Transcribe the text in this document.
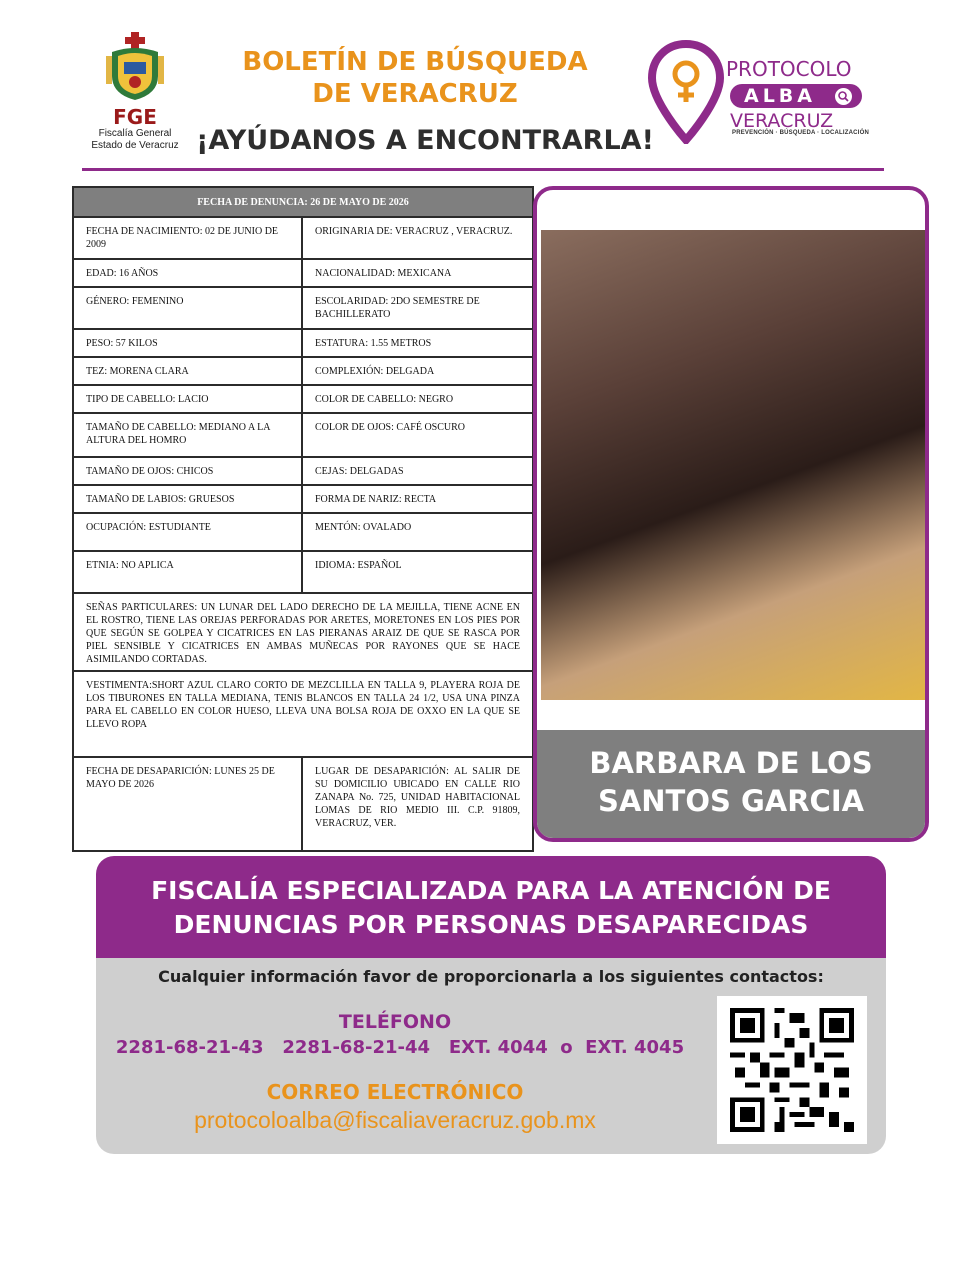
FGE
Fiscalía General
Estado de Veracruz
BOLETÍN DE BÚSQUEDA
DE VERACRUZ
¡AYÚDANOS A ENCONTRARLA!
PROTOCOLO
ALBA
VERACRUZ
PREVENCIÓN · BÚSQUEDA · LOCALIZACIÓN
FECHA DE DENUNCIA: 26 DE MAYO DE 2026	
FECHA DE NACIMIENTO: 02 DE JUNIO DE 2009	ORIGINARIA DE: VERACRUZ , VERACRUZ.
EDAD: 16 AÑOS	NACIONALIDAD: MEXICANA
GÉNERO: FEMENINO	ESCOLARIDAD: 2DO SEMESTRE DE BACHILLERATO
PESO: 57 KILOS	ESTATURA: 1.55 METROS
TEZ: MORENA CLARA	COMPLEXIÓN: DELGADA
TIPO DE CABELLO: LACIO	COLOR DE CABELLO: NEGRO
TAMAÑO DE CABELLO: MEDIANO A LA ALTURA DEL HOMRO	COLOR DE OJOS: CAFÉ OSCURO
TAMAÑO DE OJOS: CHICOS	CEJAS: DELGADAS
TAMAÑO DE LABIOS: GRUESOS	FORMA DE NARIZ: RECTA
OCUPACIÓN: ESTUDIANTE	MENTÓN: OVALADO
ETNIA: NO APLICA	IDIOMA: ESPAÑOL
SEÑAS PARTICULARES: UN LUNAR DEL LADO DERECHO DE LA MEJILLA, TIENE ACNE EN EL ROSTRO, TIENE LAS OREJAS PERFORADAS POR ARETES, MORETONES EN LOS PIES POR QUE SEGÚN SE GOLPEA Y CICATRICES EN LAS PIERANAS ARAIZ DE QUE SE RASCA POR PIEL SENSIBLE Y CICATRICES EN AMBAS MUÑECAS POR RAYONES QUE SE HACE ASIMILANDO CORTADAS.	
VESTIMENTA:SHORT AZUL CLARO CORTO DE MEZCLILLA EN TALLA 9, PLAYERA ROJA DE LOS TIBURONES EN TALLA MEDIANA, TENIS BLANCOS EN TALLA 24 1/2, USA UNA PINZA PARA EL CABELLO EN COLOR HUESO, LLEVA UNA BOLSA ROJA DE OXXO EN LA QUE SE LLEVO ROPA	
FECHA DE DESAPARICIÓN: LUNES 25 DE MAYO DE 2026	LUGAR DE DESAPARICIÓN: AL SALIR DE SU DOMICILIO UBICADO EN CALLE RIO ZANAPA No. 725, UNIDAD HABITACIONAL LOMAS DE RIO MEDIO III. C.P. 91809, VERACRUZ, VER.
BARBARA DE LOS SANTOS GARCIA
FISCALÍA ESPECIALIZADA PARA LA ATENCIÓN DE DENUNCIAS POR PERSONAS DESAPARECIDAS
Cualquier información favor de proporcionarla a los siguientes contactos:
TELÉFONO
2281-68-21-43   2281-68-21-44   EXT. 4044  o  EXT. 4045
CORREO ELECTRÓNICO
protocoloalba@fiscaliaveracruz.gob.mx
